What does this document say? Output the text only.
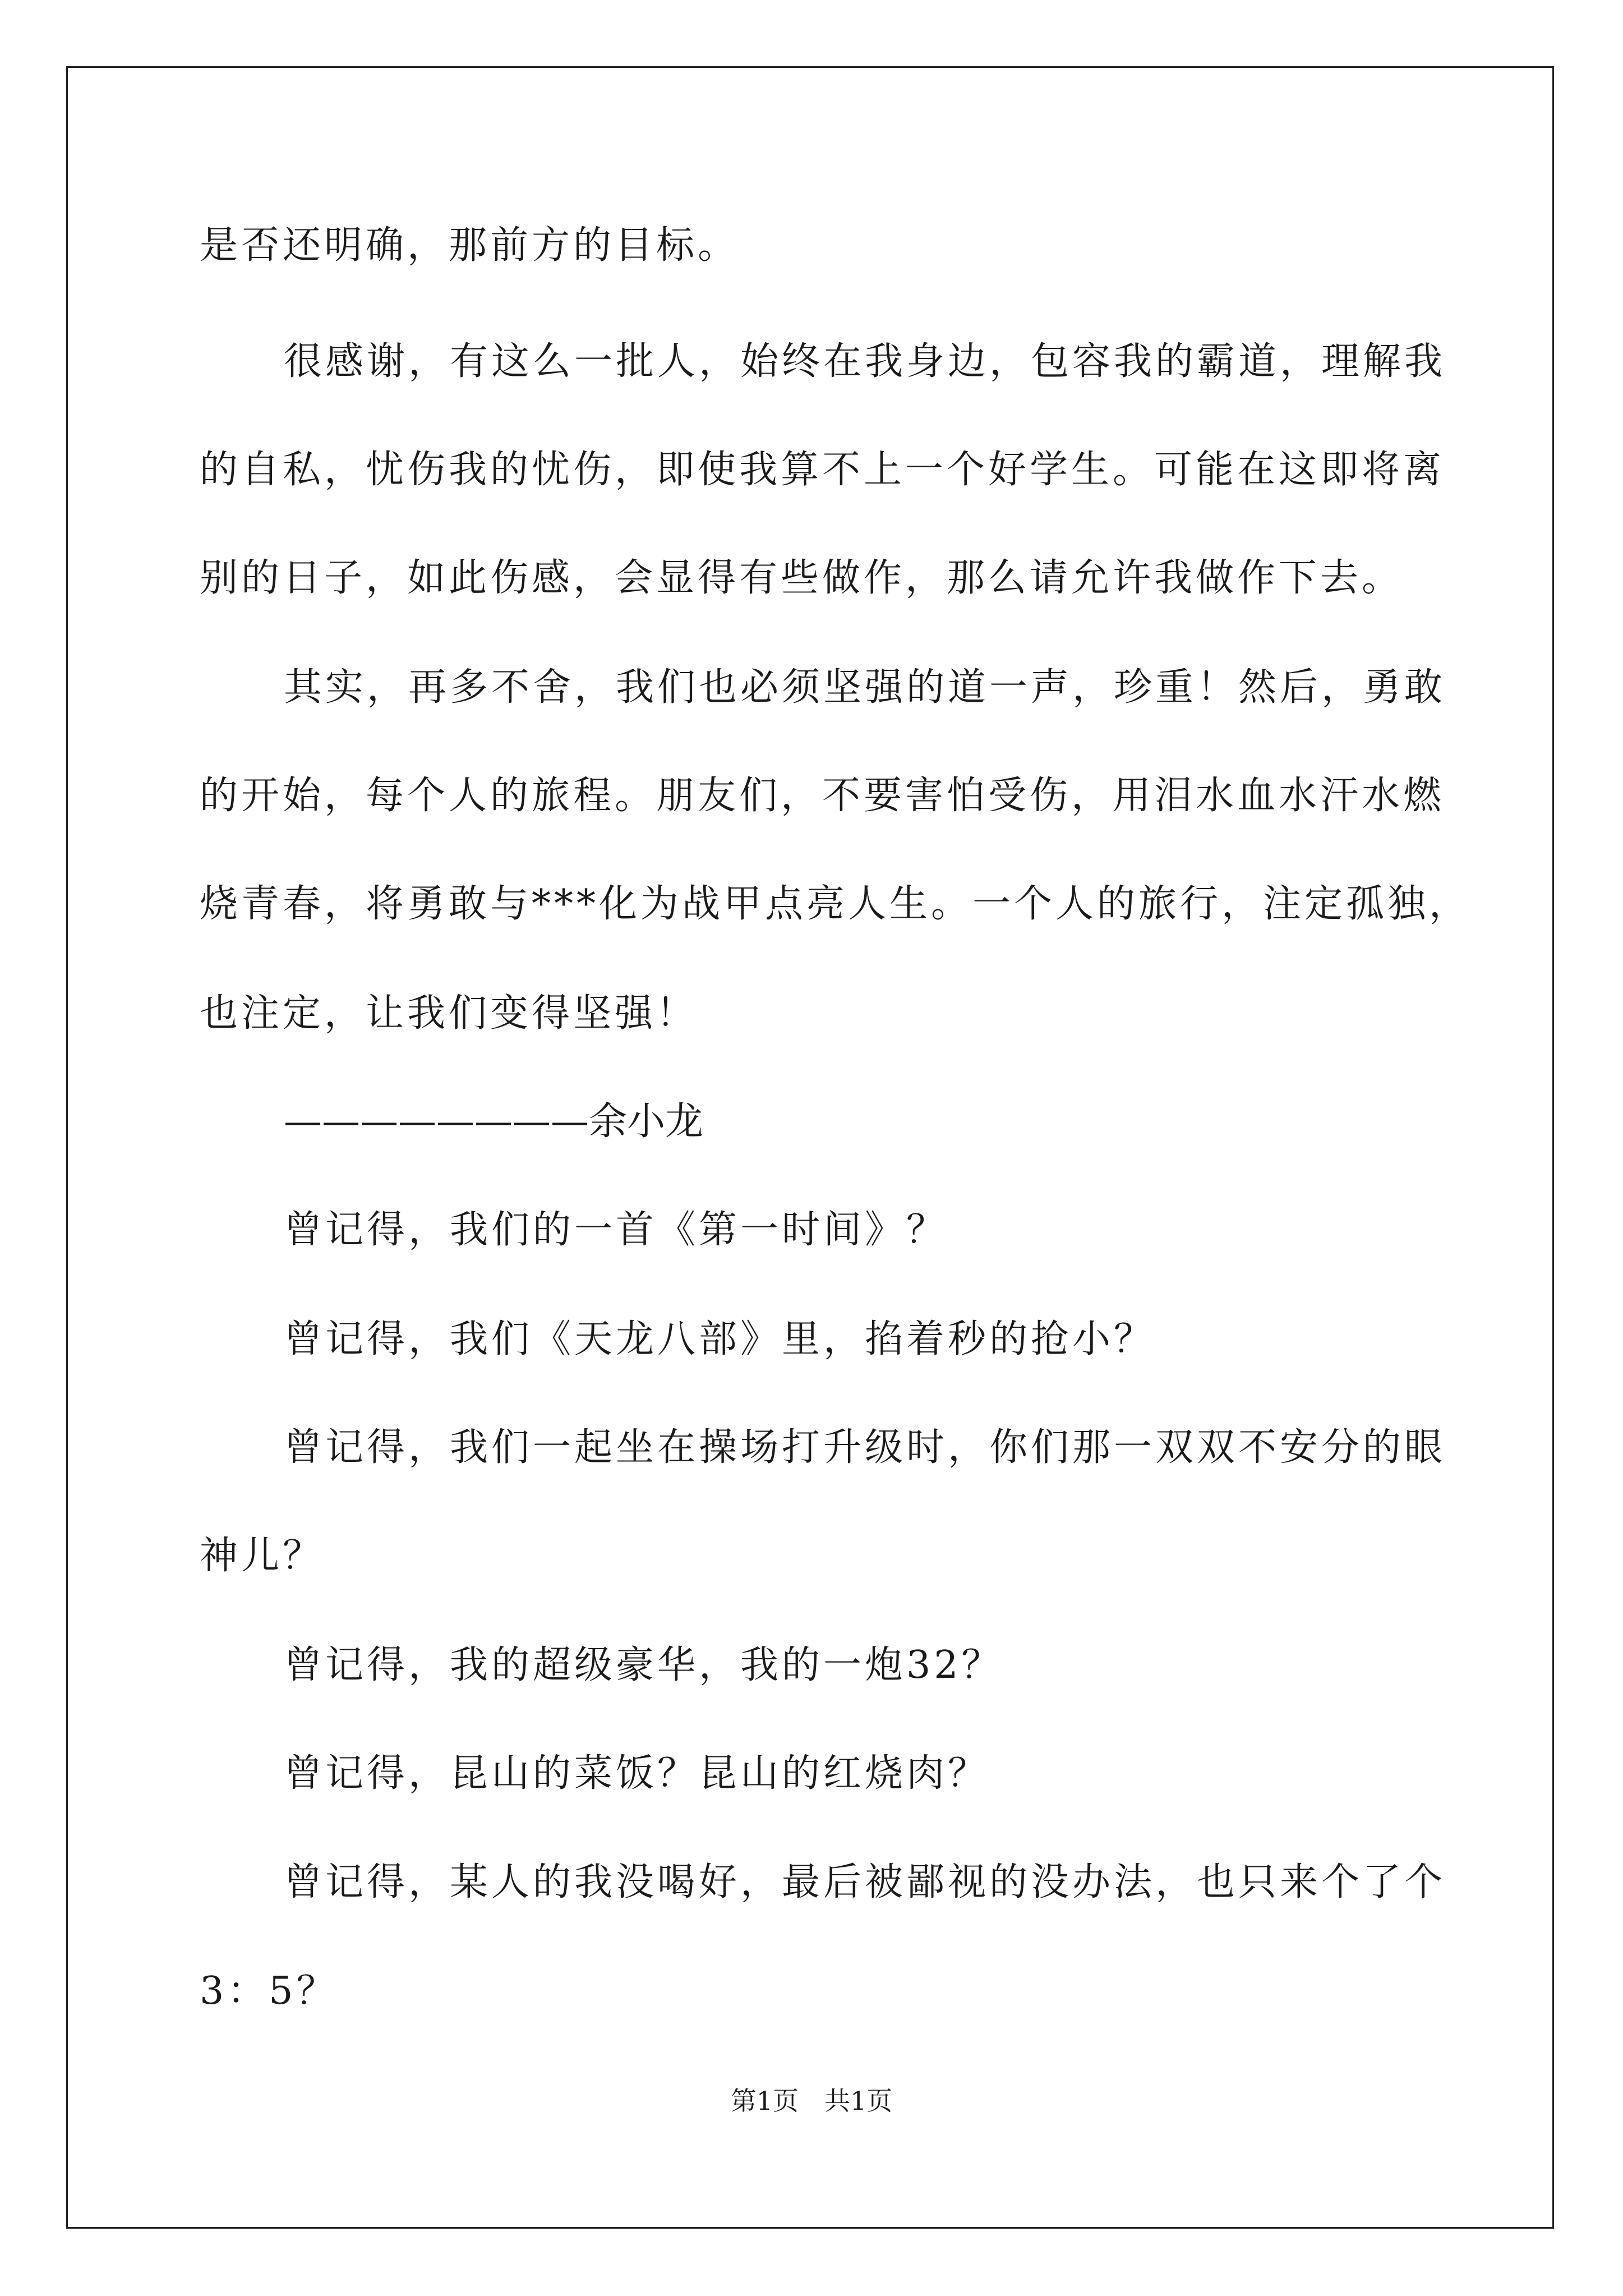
是否还明确，那前方的目标。
很感谢，有这么一批人，始终在我身边，包容我的霸道，理解我
的自私，忧伤我的忧伤，即使我算不上一个好学生。可能在这即将离
别的日子，如此伤感，会显得有些做作，那么请允许我做作下去。
其实，再多不舍，我们也必须坚强的道一声，珍重！然后，勇敢
的开始，每个人的旅程。朋友们，不要害怕受伤，用泪水血水汗水燃
烧青春，将勇敢与***化为战甲点亮人生。一个人的旅行，注定孤独，
也注定，让我们变得坚强！
————————余小龙
曾记得，我们的一首《第一时间》？
曾记得，我们《天龙八部》里，掐着秒的抢小？
曾记得，我们一起坐在操场打升级时，你们那一双双不安分的眼
神儿？
曾记得，我的超级豪华，我的一炮32？
曾记得，昆山的菜饭？昆山的红烧肉？
曾记得，某人的我没喝好，最后被鄙视的没办法，也只来个了个
3：5？
第1页　共1页
